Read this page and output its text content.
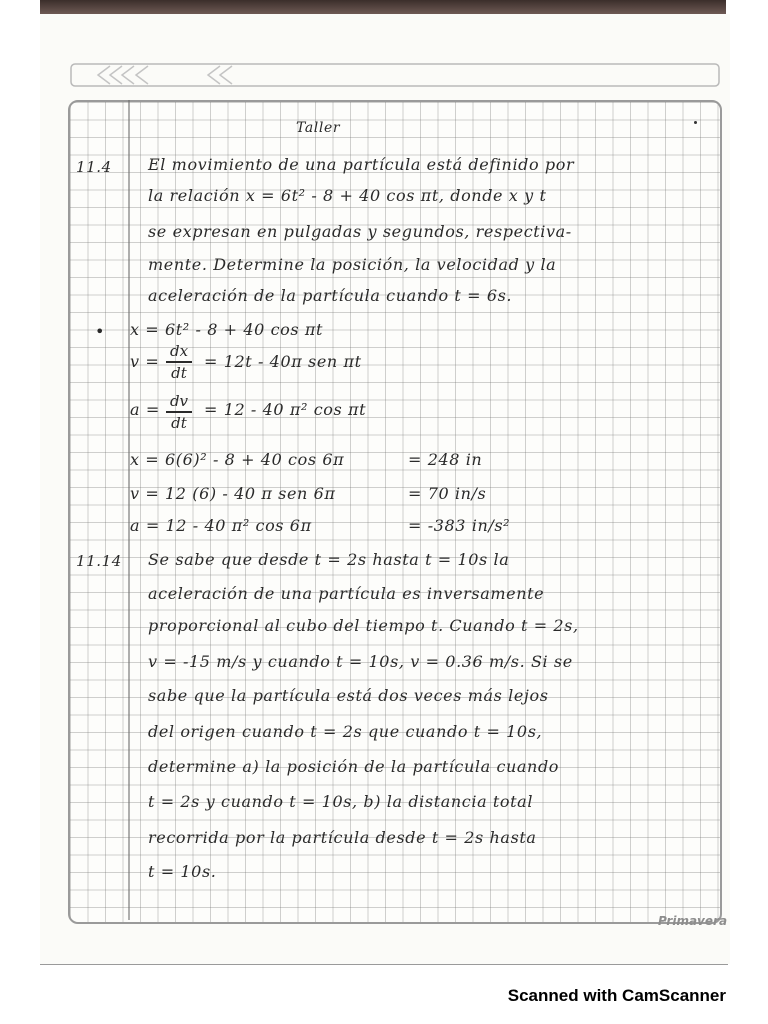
Taller
11.4 El movimiento de una partícula está definido por
la relación x = 6t² - 8 + 40 cos πt, donde x y t
se expresan en pulgadas y segundos, respectiva-
mente. Determine la posición, la velocidad y la
aceleración de la partícula cuando t = 6s.
• x = 6t² - 8 + 40 cos πt
v =
dx
dt
= 12t - 40π sen πt
a = dv
dt
= 12 - 40 π² cos πt
x = 6(6)² - 8 + 40 cos 6π	= 248 in
v = 12 (6) - 40 π sen 6π	= 70 in/s
a = 12 - 40 π² cos 6π	= -383 in/s²
11.14 Se sabe que desde t = 2s hasta t = 10s la
aceleración de una partícula es inversamente
proporcional al cubo del tiempo t. Cuando t = 2s,
v = -15 m/s y cuando t = 10s, v = 0.36 m/s. Si se
sabe que la partícula está dos veces más lejos
del origen cuando t = 2s que cuando t = 10s,
determine a) la posición de la partícula cuando
t = 2s y cuando t = 10s, b) la distancia total
recorrida por la partícula desde t = 2s hasta
t = 10s.
Primavera
Scanned with CamScanner
